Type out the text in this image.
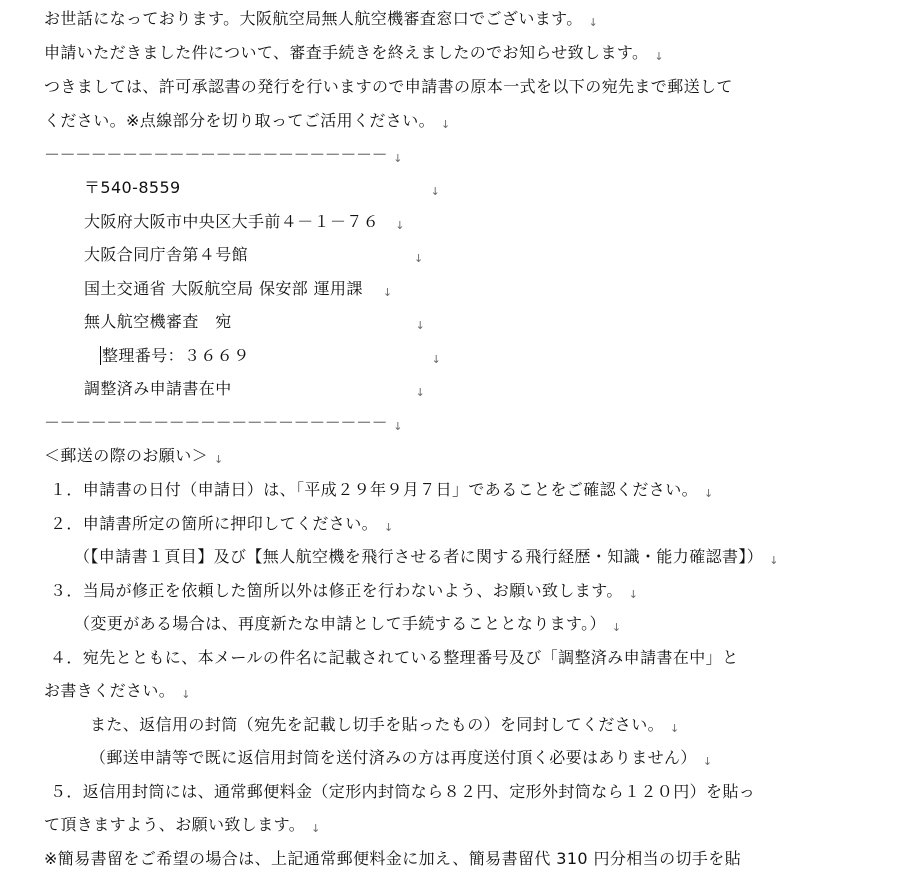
お世話になっております。大阪航空局無人航空機審査窓口でございます。 ↓
申請いただきました件について、審査手続きを終えましたのでお知らせ致します。 ↓
つきましては、許可承認書の発行を行いますので申請書の原本一式を以下の宛先まで郵送して
ください。※点線部分を切り取ってご活用ください。 ↓
－－－－－－－－－－－－－－－－－－－－－－ ↓
〒540-8559	↓
大阪府大阪市中央区大手前４－１－７６ ↓
大阪合同庁舎第４号館	↓
国土交通省 大阪航空局 保安部 運用課 ↓
無人航空機審査　宛	↓
整理番号：３６６９	↓
調整済み申請書在中	↓
－－－－－－－－－－－－－－－－－－－－－－ ↓
＜郵送の際のお願い＞ ↓
１．申請書の日付（申請日）は、「平成２９年９月７日」であることをご確認ください。 ↓
２．申請書所定の箇所に押印してください。 ↓
（【申請書１頁目】及び【無人航空機を飛行させる者に関する飛行経歴・知識・能力確認書】） ↓
３．当局が修正を依頼した箇所以外は修正を行わないよう、お願い致します。 ↓
（変更がある場合は、再度新たな申請として手続することとなります。） ↓
４．宛先とともに、本メールの件名に記載されている整理番号及び「調整済み申請書在中」と
お書きください。 ↓
また、返信用の封筒（宛先を記載し切手を貼ったもの）を同封してください。 ↓
（郵送申請等で既に返信用封筒を送付済みの方は再度送付頂く必要はありません） ↓
５．返信用封筒には、通常郵便料金（定形内封筒なら８２円、定形外封筒なら１２０円）を貼っ
て頂きますよう、お願い致します。 ↓
※簡易書留をご希望の場合は、上記通常郵便料金に加え、簡易書留代 310 円分相当の切手を貼
